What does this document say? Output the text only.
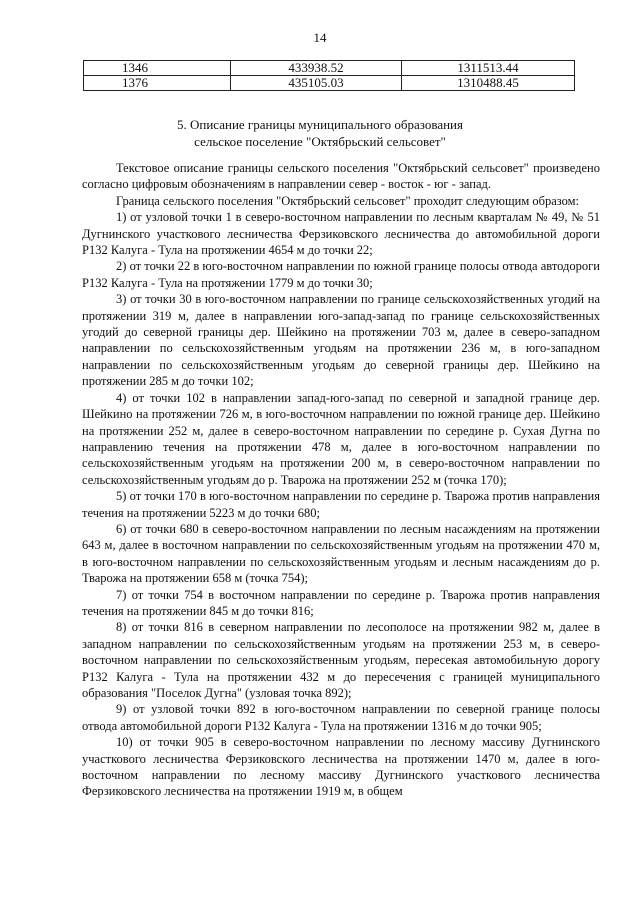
14
1346	433938.52	1311513.44
1376	435105.03	1310488.45
5. Описание границы муниципального образования
сельское поселение "Октябрьский сельсовет"

Текстовое описание границы сельского поселения "Октябрьский сельсовет" произведено согласно цифровым обозначениям в направлении север - восток - юг - запад.

Граница сельского поселения "Октябрьский сельсовет" проходит следующим образом:

1) от узловой точки 1 в северо-восточном направлении по лесным кварталам № 49, № 51 Дугнинского участкового лесничества Ферзиковского лесничества до автомобильной дороги Р132 Калуга - Тула на протяжении 4654 м до точки 22;

2) от точки 22 в юго-восточном направлении по южной границе полосы отвода автодороги Р132 Калуга - Тула на протяжении 1779 м до точки 30;

3) от точки 30 в юго-восточном направлении по границе сельскохозяйственных угодий на протяжении 319 м, далее в направлении юго-запад-запад по границе сельскохозяйственных угодий до северной границы дер. Шейкино на протяжении 703 м, далее в северо-западном направлении по сельскохозяйственным угодьям на протяжении 236 м, в юго-западном направлении по сельскохозяйственным угодьям до северной границы дер. Шейкино на протяжении 285 м до точки 102;

4) от точки 102 в направлении запад-юго-запад по северной и западной границе дер. Шейкино на протяжении 726 м, в юго-восточном направлении по южной границе дер. Шейкино на протяжении 252 м, далее в северо-восточном направлении по середине р. Сухая Дугна по направлению течения на протяжении 478 м, далее в юго-восточном направлении по сельскохозяйственным угодьям на протяжении 200 м, в северо-восточном направлении по сельскохозяйственным угодьям до р. Тварожа на протяжении 252 м (точка 170);

5) от точки 170 в юго-восточном направлении по середине р. Тварожа против направления течения на протяжении 5223 м до точки 680;

6) от точки 680 в северо-восточном направлении по лесным насаждениям на протяжении 643 м, далее в восточном направлении по сельскохозяйственным угодьям на протяжении 470 м, в юго-восточном направлении по сельскохозяйственным угодьям и лесным насаждениям до р. Тварожа на протяжении 658 м (точка 754);

7) от точки 754 в восточном направлении по середине р. Тварожа против направления течения на протяжении 845 м до точки 816;

8) от точки 816 в северном направлении по лесополосе на протяжении 982 м, далее в западном направлении по сельскохозяйственным угодьям на протяжении 253 м, в северо-восточном направлении по сельскохозяйственным угодьям, пересекая автомобильную дорогу Р132 Калуга - Тула на протяжении 432 м до пересечения с границей муниципального образования "Поселок Дугна" (узловая точка 892);

9) от узловой точки 892 в юго-восточном направлении по северной границе полосы отвода автомобильной дороги Р132 Калуга - Тула на протяжении 1316 м до точки 905;

10) от точки 905 в северо-восточном направлении по лесному массиву Дугнинского участкового лесничества Ферзиковского лесничества на протяжении 1470 м, далее в юго-восточном направлении по лесному массиву Дугнинского участкового лесничества Ферзиковского лесничества на протяжении 1919 м, в общем
